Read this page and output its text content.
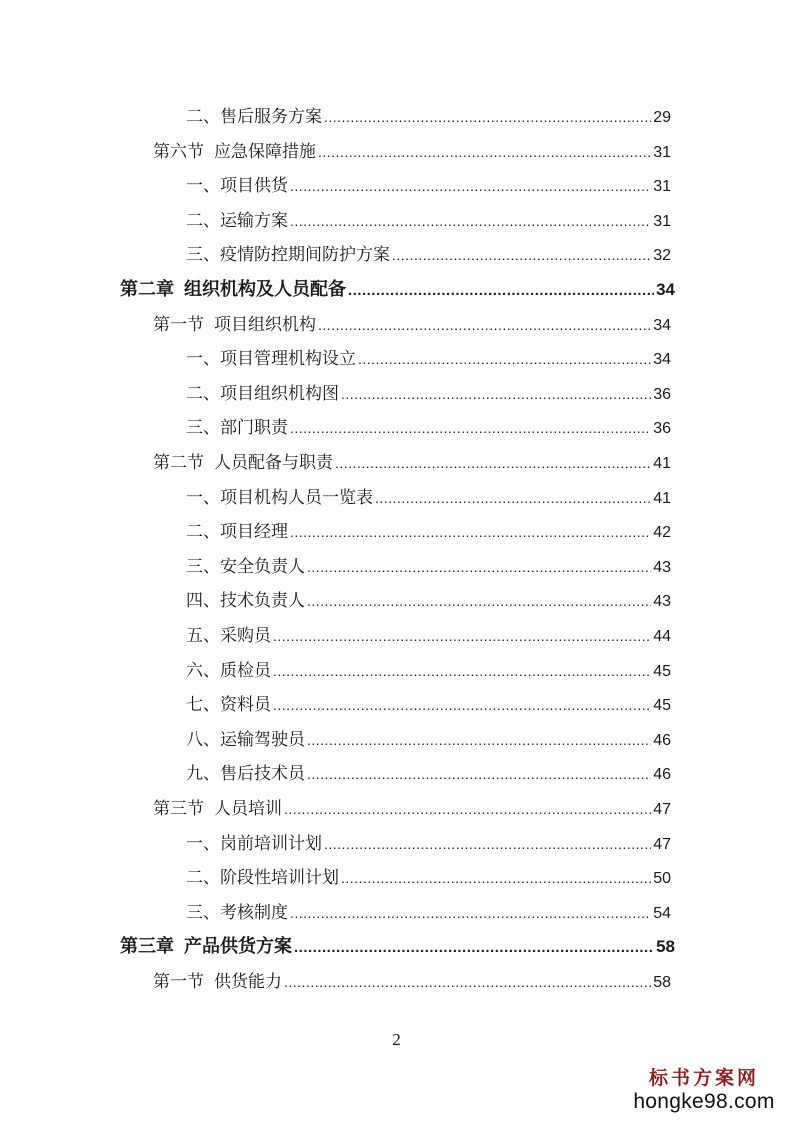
二、 售后服务方案 .....	29
第六节 应急保障措施 .....	31
一、 项目供货 .....	31
二、 运输方案 .....	31
三、 疫情防控期间防护方案 .....	32
第二章 组织机构及人员配备 .....	34
第一节 项目组织机构 .....	34
一、 项目管理机构设立 .....	34
二、 项目组织机构图 .....	36
三、 部门职责 .....	36
第二节 人员配备与职责 .....	41
一、 项目机构人员一览表 .....	41
二、 项目经理 .....	42
三、 安全负责人 .....	43
四、 技术负责人 .....	43
五、 采购员 .....	44
六、 质检员 .....	45
七、 资料员 .....	45
八、 运输驾驶员 .....	46
九、 售后技术员 .....	46
第三节 人员培训 .....	47
一、 岗前培训计划 .....	47
二、 阶段性培训计划 .....	50
三、 考核制度 .....	54
第三章 产品供货方案 .....	58
第一节 供货能力 .....	58
2
标书方案网
hongke98.com
